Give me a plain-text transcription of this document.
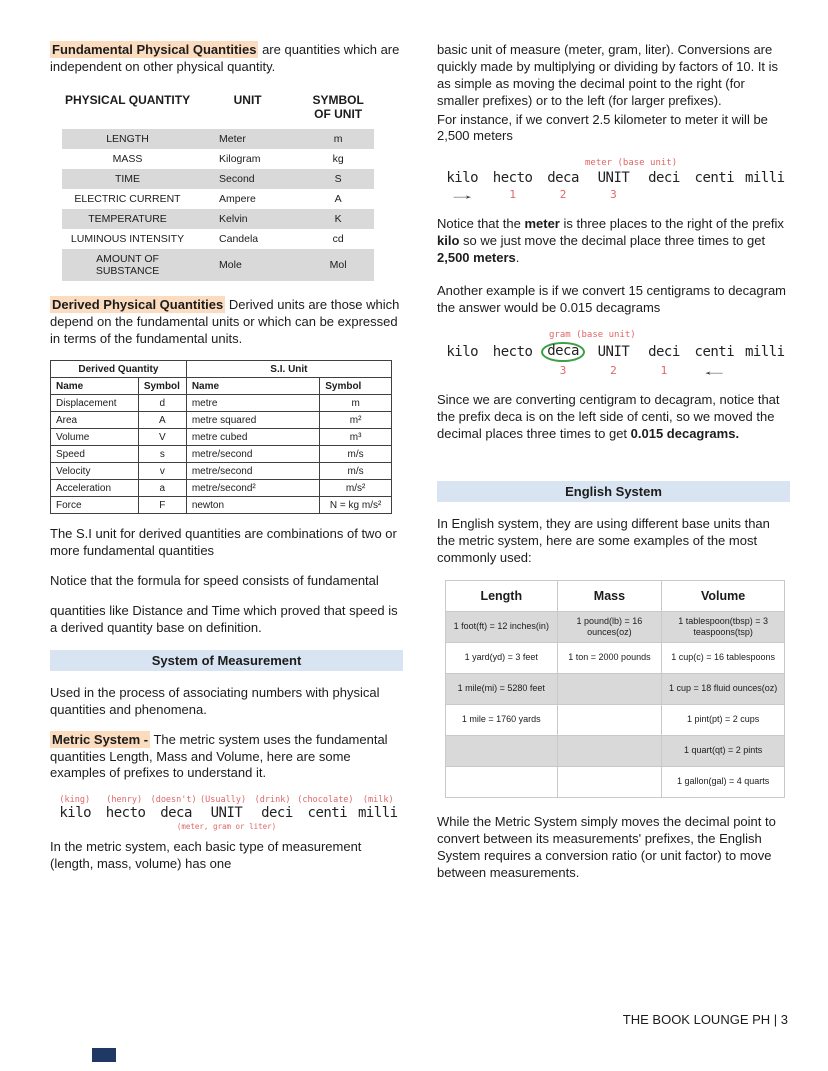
Fundamental Physical Quantities are quantities which are independent on other physical quantity.

PHYSICAL QUANTITY	UNIT	SYMBOL OF UNIT
LENGTH	Meter	m
MASS	Kilogram	kg
TIME	Second	S
ELECTRIC CURRENT	Ampere	A
TEMPERATURE	Kelvin	K
LUMINOUS INTENSITY	Candela	cd
AMOUNT OF SUBSTANCE	Mole	Mol

Derived Physical Quantities Derived units are those which depend on the fundamental units or which can be expressed in terms of the fundamental units.

Derived Quantity		S.I. Unit	
Name	Symbol	Name	Symbol
Displacement	d	metre	m
Area	A	metre squared	m²
Volume	V	metre cubed	m³
Speed	s	metre/second	m/s
Velocity	v	metre/second	m/s
Acceleration	a	metre/second²	m/s²
Force	F	newton	N = kg m/s²

The S.I unit for derived quantities are combinations of two or more fundamental quantities

Notice that the formula for speed consists of fundamental

quantities like Distance and Time which proved that speed is a derived quantity base on definition.

System of Measurement

Used in the process of associating numbers with physical quantities and phenomena.

Metric System - The metric system uses the fundamental quantities Length, Mass and Volume, here are some examples of prefixes to understand it.

(king)	(henry)	(doesn't) (Usually)	(drink) (chocolate)	(milk)
kilo	hecto	deca	UNIT	deci	centi milli
(meter, gram or liter)

In the metric system, each basic type of measurement (length, mass, volume) has one

basic unit of measure (meter, gram, liter). Conversions are quickly made by multiplying or dividing by factors of 10. It is as simple as moving the decimal point to the right (for smaller prefixes) or to the left (for larger prefixes).

For instance, if we convert 2.5 kilometer to meter it will be 2,500 meters

meter (base unit)
kilo	hecto	deca	UNIT	deci	centi milli
→	1	2	3

Notice that the meter is three places to the right of the prefix kilo so we just move the decimal place three times to get 2,500 meters.

Another example is if we convert 15 centigrams to decagram the answer would be 0.015 decagrams

gram (base unit)
kilo	hecto	deca	UNIT	deci	centi milli
3	2	1	←

Since we are converting centigram to decagram, notice that the prefix deca is on the left side of centi, so we moved the decimal places three times to get 0.015 decagrams.

English System

In English system, they are using different base units than the metric system, here are some examples of the most commonly used:

Length	Mass	Volume
1 foot(ft) = 12 inches(in)	1 pound(lb) = 16 ounces(oz)	1 tablespoon(tbsp) = 3 teaspoons(tsp)
1 yard(yd) = 3 feet	1 ton = 2000 pounds	1 cup(c) = 16 tablespoons
1 mile(mi) = 5280 feet		1 cup = 18 fluid ounces(oz)
1 mile = 1760 yards		1 pint(pt) = 2 cups
		1 quart(qt) = 2 pints
		1 gallon(gal) = 4 quarts

While the Metric System simply moves the decimal point to convert between its measurements' prefixes, the English System requires a conversion ratio (or unit factor) to move between measurements.

THE BOOK LOUNGE PH | 3
